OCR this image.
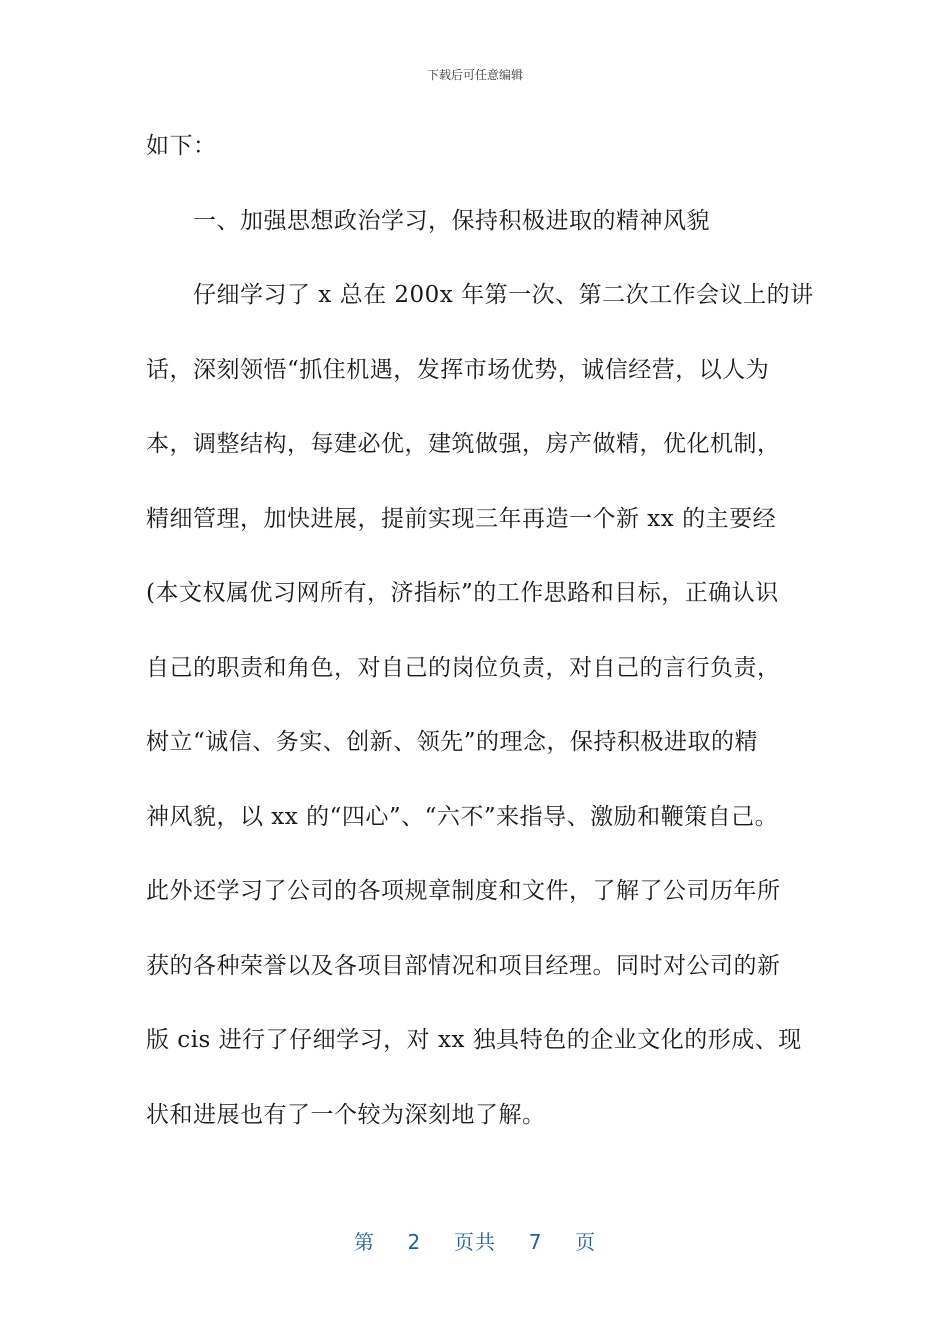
下载后可任意编辑
如下：
一、加强思想政治学习，保持积极进取的精神风貌
仔细学习了 x 总在 200x 年第一次、第二次工作会议上的讲
话，深刻领悟“抓住机遇，发挥市场优势，诚信经营，以人为
本，调整结构，每建必优，建筑做强，房产做精，优化机制，
精细管理，加快进展，提前实现三年再造一个新 xx 的主要经
(本文权属优习网所有，济指标”的工作思路和目标，正确认识
自己的职责和角色，对自己的岗位负责，对自己的言行负责，
树立“诚信、务实、创新、领先”的理念，保持积极进取的精
神风貌，以 xx 的“四心”、“六不”来指导、激励和鞭策自己。
此外还学习了公司的各项规章制度和文件，了解了公司历年所
获的各种荣誉以及各项目部情况和项目经理。同时对公司的新
版 cis 进行了仔细学习，对 xx 独具特色的企业文化的形成、现
状和进展也有了一个较为深刻地了解。
第 2 页共 7 页
